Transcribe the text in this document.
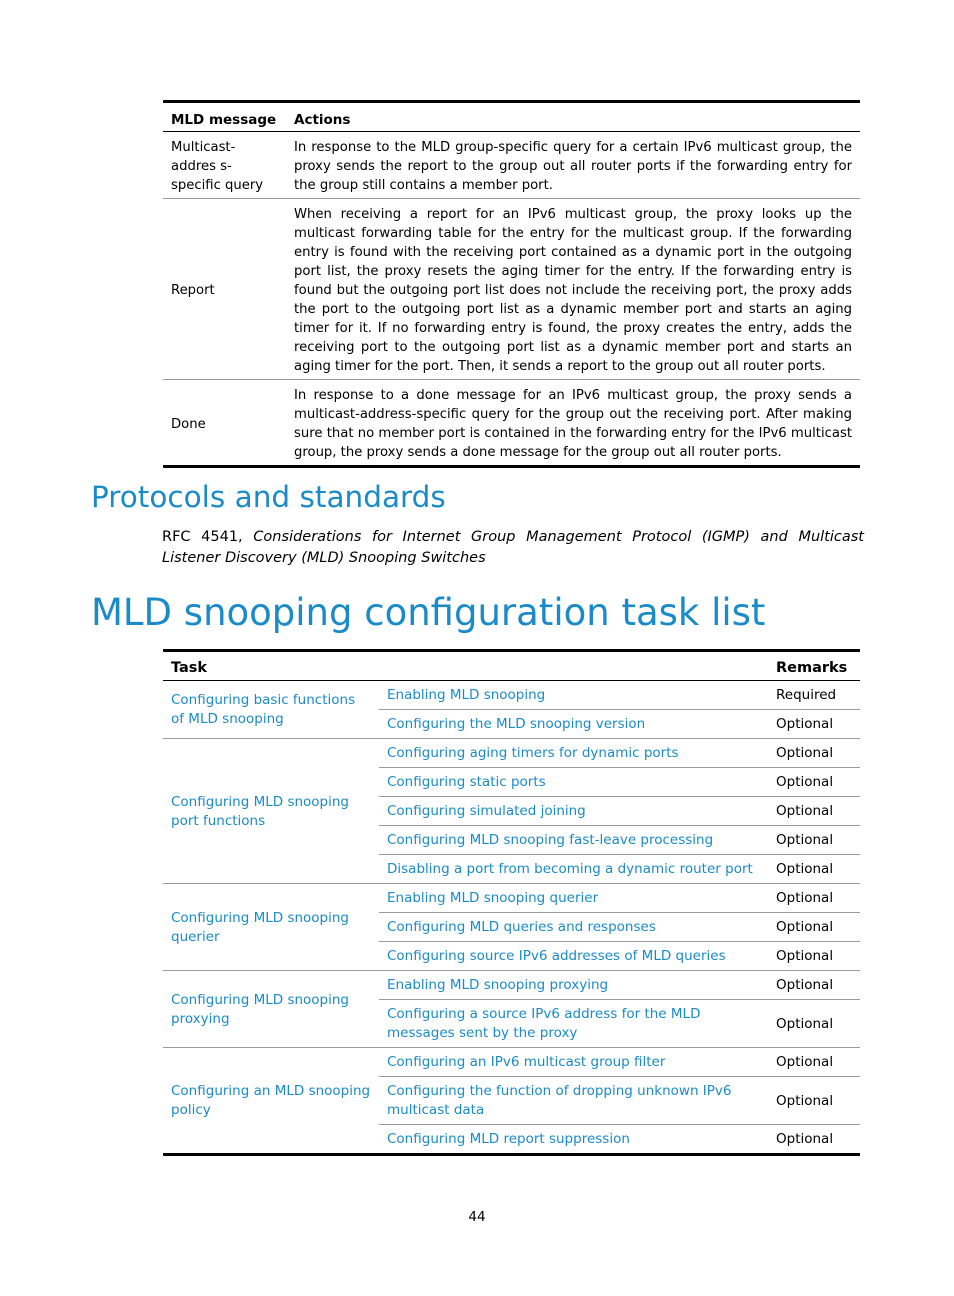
MLD message	Actions
Multicast-addres s-specific query	In response to the MLD group-specific query for a certain IPv6 multicast group, the proxy sends the report to the group out all router ports if the forwarding entry for the group still contains a member port.
Report	When receiving a report for an IPv6 multicast group, the proxy looks up the multicast forwarding table for the entry for the multicast group. If the forwarding entry is found with the receiving port contained as a dynamic port in the outgoing port list, the proxy resets the aging timer for the entry. If the forwarding entry is found but the outgoing port list does not include the receiving port, the proxy adds the port to the outgoing port list as a dynamic member port and starts an aging timer for it. If no forwarding entry is found, the proxy creates the entry, adds the receiving port to the outgoing port list as a dynamic member port and starts an aging timer for the port. Then, it sends a report to the group out all router ports.
Done	In response to a done message for an IPv6 multicast group, the proxy sends a multicast-address-specific query for the group out the receiving port. After making sure that no member port is contained in the forwarding entry for the IPv6 multicast group, the proxy sends a done message for the group out all router ports.
Protocols and standards

RFC 4541, Considerations for Internet Group Management Protocol (IGMP) and Multicast Listener Discovery (MLD) Snooping Switches

MLD snooping configuration task list
Task		Remarks
Configuring basic functions of MLD snooping	Enabling MLD snooping	Required
	Configuring the MLD snooping version	Optional
Configuring MLD snooping port functions	Configuring aging timers for dynamic ports	Optional
	Configuring static ports	Optional
	Configuring simulated joining	Optional
	Configuring MLD snooping fast-leave processing	Optional
	Disabling a port from becoming a dynamic router port	Optional
Configuring MLD snooping querier	Enabling MLD snooping querier	Optional
	Configuring MLD queries and responses	Optional
	Configuring source IPv6 addresses of MLD queries	Optional
Configuring MLD snooping proxying	Enabling MLD snooping proxying	Optional
	Configuring a source IPv6 address for the MLD messages sent by the proxy	Optional
Configuring an MLD snooping policy	Configuring an IPv6 multicast group filter	Optional
	Configuring the function of dropping unknown IPv6 multicast data	Optional
	Configuring MLD report suppression	Optional
44
